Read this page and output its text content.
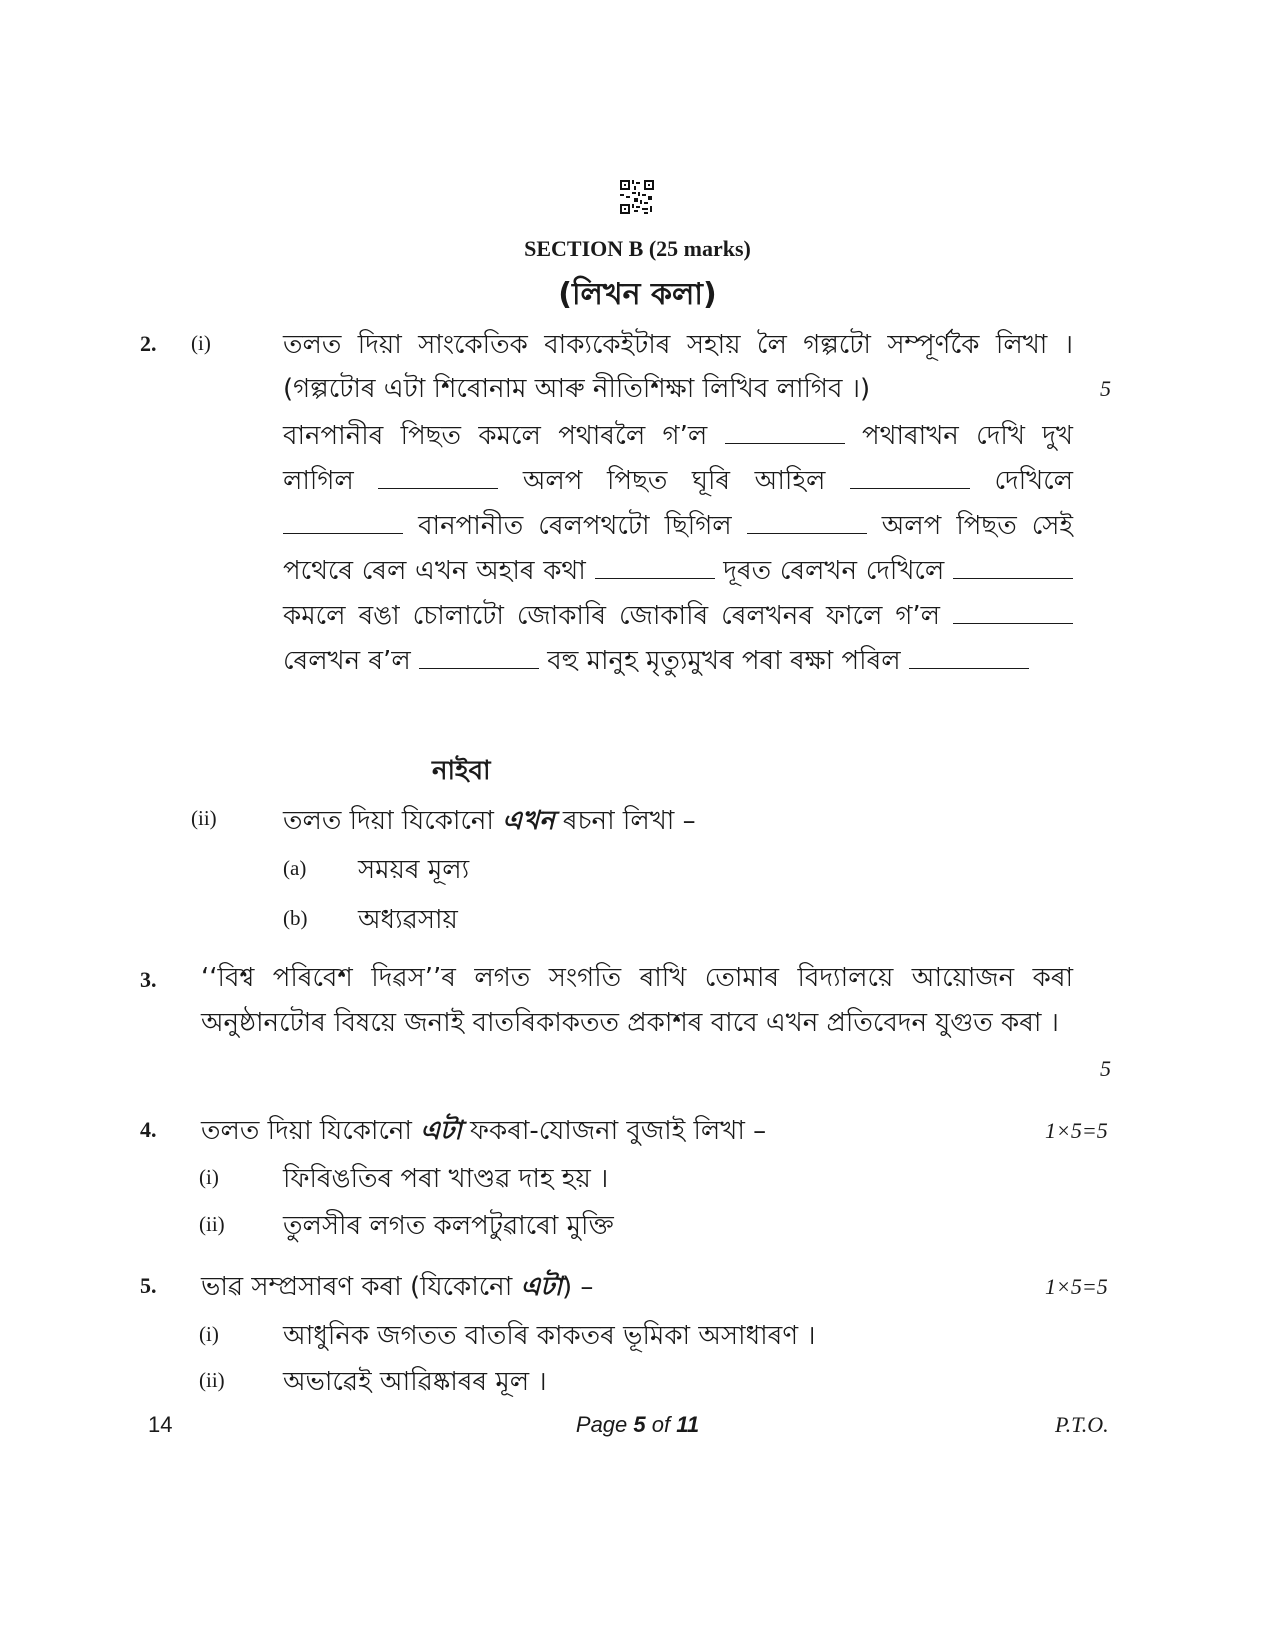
SECTION B (25 marks)
(লিখন কলা)
2. (i)	তলত দিয়া সাংকেতিক বাক্যকেইটাৰ সহায় লৈ গল্পটো সম্পূৰ্ণকৈ লিখা ।
(গল্পটোৰ এটা শিৰোনাম আৰু নীতিশিক্ষা লিখিব লাগিব ।)	5
বানপানীৰ পিছত কমলে পথাৰলৈ গ’ল	পথাৰাখন দেখি দুখ লাগিল	অলপ পিছত ঘূৰি আহিল	দেখিলে  বানপানীত ৰেলপথটো ছিগিল	অলপ পিছত সেই পথেৰে ৰেল এখন অহাৰ কথা	দূৰত ৰেলখন দেখিলে  কমলে ৰঙা চোলাটো জোকাৰি জোকাৰি ৰেলখনৰ ফালে গ’ল  ৰেলখন ৰ’ল	বহু মানুহ মৃত্যুমুখৰ পৰা ৰক্ষা পৰিল
নাইবা
(ii)	তলত দিয়া যিকোনো এখন ৰচনা লিখা –
(a) সময়ৰ মূল্য
(b) অধ্যৱসায়
3. ‘‘বিশ্ব পৰিবেশ দিৱস’’ৰ লগত সংগতি ৰাখি তোমাৰ বিদ্যালয়ে আয়োজন কৰা অনুষ্ঠানটোৰ বিষয়ে জনাই বাতৰিকাকতত প্ৰকাশৰ বাবে এখন প্ৰতিবেদন যুগুত কৰা ।
5
4. তলত দিয়া যিকোনো এটা ফকৰা-যোজনা বুজাই লিখা –	1×5=5
(i) ফিৰিঙতিৰ পৰা খাণ্ডৱ দাহ হয় ।
(ii) তুলসীৰ লগত কলপটুৱাৰো মুক্তি
5. ভাৱ সম্প্ৰসাৰণ কৰা (যিকোনো এটা) –	1×5=5
(i) আধুনিক জগতত বাতৰি কাকতৰ ভূমিকা অসাধাৰণ ।
(ii) অভাৱেই আৱিষ্কাৰৰ মূল ।
14	Page 5 of 11	P.T.O.
